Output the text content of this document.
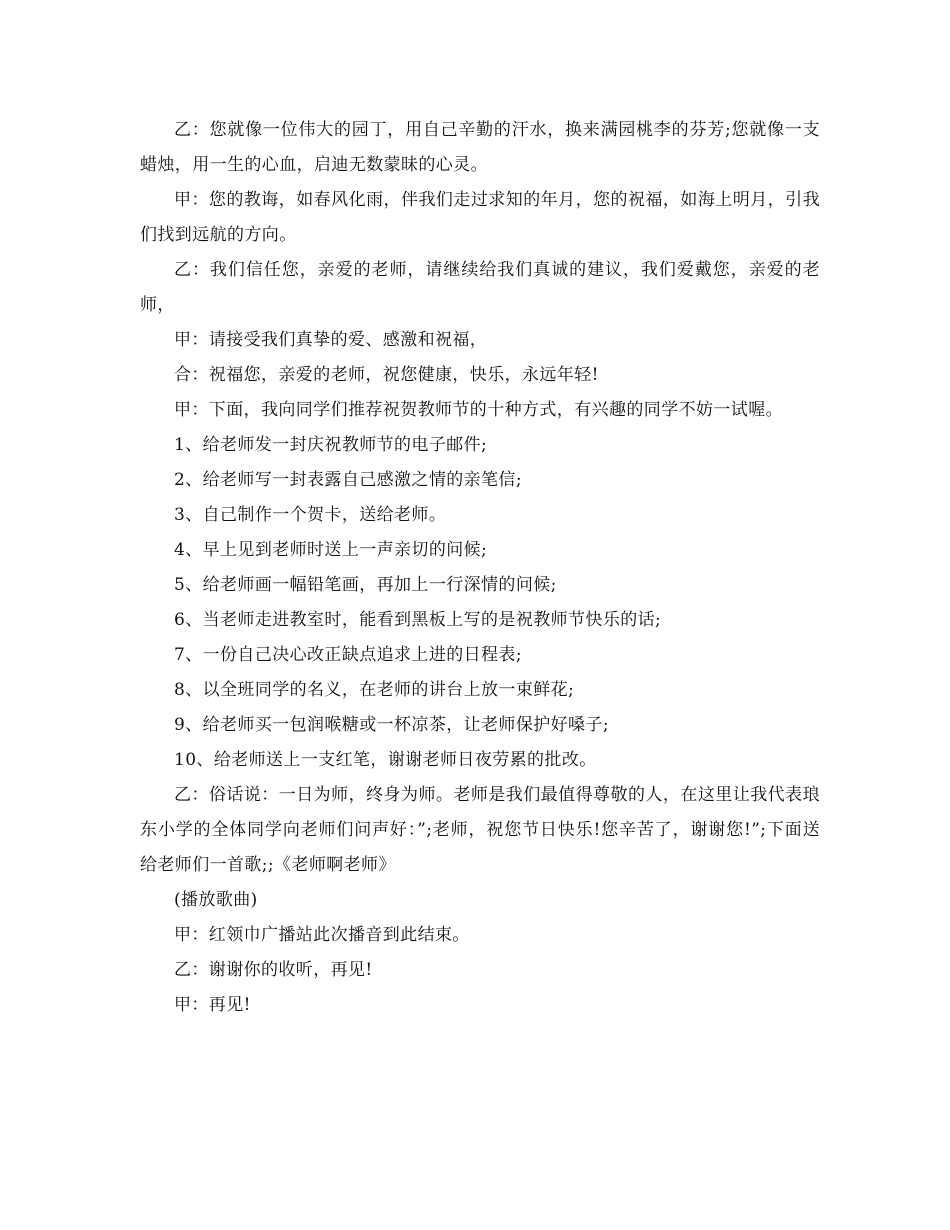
乙：您就像一位伟大的园丁，用自己辛勤的汗水，换来满园桃李的芬芳;您就像一支蜡烛，用一生的心血，启迪无数蒙昧的心灵。

甲：您的教诲，如春风化雨，伴我们走过求知的年月，您的祝福，如海上明月，引我们找到远航的方向。

乙：我们信任您，亲爱的老师，请继续给我们真诚的建议，我们爱戴您，亲爱的老师，

甲：请接受我们真挚的爱、感激和祝福，

合：祝福您，亲爱的老师，祝您健康，快乐，永远年轻!

甲：下面，我向同学们推荐祝贺教师节的十种方式，有兴趣的同学不妨一试喔。

1、给老师发一封庆祝教师节的电子邮件;
2、给老师写一封表露自己感激之情的亲笔信;
3、自己制作一个贺卡，送给老师。
4、早上见到老师时送上一声亲切的问候;
5、给老师画一幅铅笔画，再加上一行深情的问候;
6、当老师走进教室时，能看到黑板上写的是祝教师节快乐的话;
7、一份自己决心改正缺点追求上进的日程表;
8、以全班同学的名义，在老师的讲台上放一束鲜花;
9、给老师买一包润喉糖或一杯凉茶，让老师保护好嗓子;
10、给老师送上一支红笔，谢谢老师日夜劳累的批改。

乙：俗话说：一日为师，终身为师。老师是我们最值得尊敬的人，在这里让我代表琅东小学的全体同学向老师们问声好：”;老师，祝您节日快乐!您辛苦了，谢谢您!”;下面送给老师们一首歌;;《老师啊老师》

(播放歌曲)

甲：红领巾广播站此次播音到此结束。

乙：谢谢你的收听，再见!

甲：再见!
